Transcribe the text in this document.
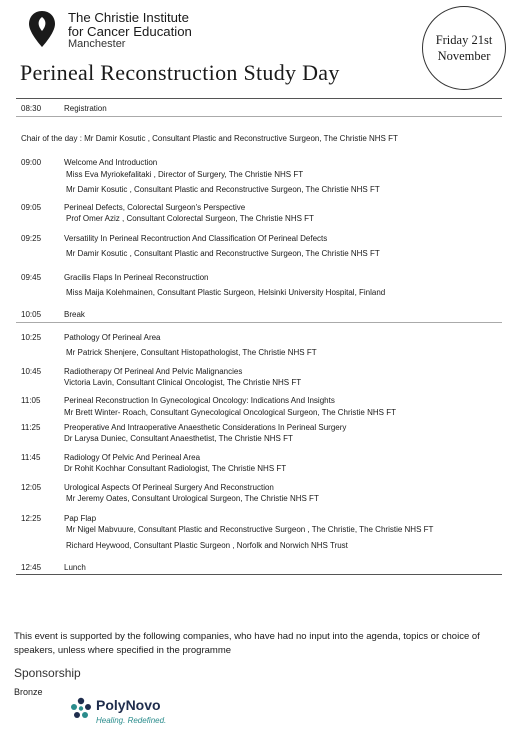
The Christie Institute
for Cancer Education
Manchester	Friday 21st
November
Perineal Reconstruction Study Day
08:30	Registration
Chair of the day : Mr Damir Kosutic , Consultant Plastic and Reconstructive Surgeon, The Christie NHS FT
09:00	Welcome And Introduction
Miss Eva Myriokefalitaki , Director of Surgery, The Christie NHS FT
Mr Damir Kosutic , Consultant Plastic and Reconstructive Surgeon, The Christie NHS FT
09:05	Perineal Defects, Colorectal Surgeon's Perspective
Prof Omer Aziz , Consultant Colorectal Surgeon, The Christie NHS FT
09:25	Versatility In Perineal Recontruction And Classification Of Perineal Defects
Mr Damir Kosutic , Consultant Plastic and Reconstructive Surgeon, The Christie NHS FT
09:45	Gracilis Flaps In Perineal Reconstruction
Miss Maija Kolehmainen, Consultant Plastic Surgeon, Helsinki University Hospital, Finland
10:05	Break
10:25	Pathology Of Perineal Area
Mr Patrick Shenjere, Consultant Histopathologist, The Christie NHS FT
10:45	Radiotherapy Of Perineal And Pelvic Malignancies
Victoria Lavin, Consultant Clinical Oncologist, The Christie NHS FT
11:05	Perineal Reconstruction In Gynecological Oncology: Indications And Insights
Mr Brett Winter- Roach, Consultant Gynecological Oncological Surgeon, The Christie NHS FT
11:25	Preoperative And Intraoperative Anaesthetic Considerations In Perineal Surgery
Dr Larysa Duniec, Consultant Anaesthetist, The Christie NHS FT
11:45	Radiology Of Pelvic And Perineal Area
Dr Rohit Kochhar Consultant Radiologist, The Christie NHS FT
12:05	Urological Aspects Of Perineal Surgery And Reconstruction
Mr Jeremy Oates, Consultant Urological Surgeon, The Christie NHS FT
12:25	Pap Flap
Mr Nigel Mabvuure, Consultant Plastic and Reconstructive Surgeon , The Christie, The Christie NHS FT
Richard Heywood, Consultant Plastic Surgeon , Norfolk and Norwich NHS Trust
12:45	Lunch
This event is supported by the following companies, who have had no input into the agenda, topics or choice of speakers, unless where specified in the programme
Sponsorship
Bronze
PolyNovo
Healing. Redefined.
